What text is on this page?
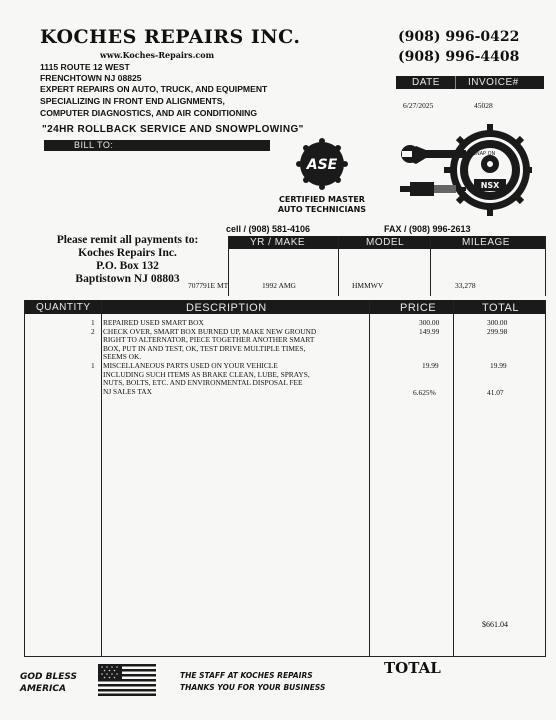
KOCHES REPAIRS INC.
www.Koches-Repairs.com
1115 ROUTE 12 WEST
FRENCHTOWN NJ 08825
EXPERT REPAIRS ON AUTO, TRUCK, AND EQUIPMENT
SPECIALIZING IN FRONT END ALIGNMENTS,
COMPUTER DIAGNOSTICS, AND AIR CONDITIONING
"24HR ROLLBACK SERVICE AND SNOWPLOWING"
(908) 996-0422
(908) 996-4408
DATE	INVOICE#
6/27/2025	45028
BILL TO:
ASE
CERTIFIED MASTER
AUTO TECHNICIANS
NSX
SNAP ON
cell / (908) 581-4106	FAX / (908) 996-2613
Please remit all payments to:
Koches Repairs Inc.
P.O. Box 132
Baptistown NJ 08803
YR / MAKE	MODEL	MILEAGE
707791E MT	1992 AMG	HMMWV	33,278
QUANTITY	DESCRIPTION	PRICE	TOTAL
1 REPAIRED USED SMART BOX	300.00	300.00
2 CHECK OVER, SMART BOX BURNED UP, MAKE NEW GROUND	149.99	299.98
RIGHT TO ALTERNATOR, PIECE TOGETHER ANOTHER SMART
BOX, PUT IN AND TEST, OK, TEST DRIVE MULTIPLE TIMES,
SEEMS OK.
1 MISCELLANEOUS PARTS USED ON YOUR VEHICLE	19.99	19.99
INCLUDING SUCH ITEMS AS BRAKE CLEAN, LUBE, SPRAYS,
NUTS, BOLTS, ETC. AND ENVIRONMENTAL DISPOSAL FEE
NJ SALES TAX	6.625%	41.07
$661.04
GOD BLESS
AMERICA
THE STAFF AT KOCHES REPAIRS
THANKS YOU FOR YOUR BUSINESS
TOTAL
